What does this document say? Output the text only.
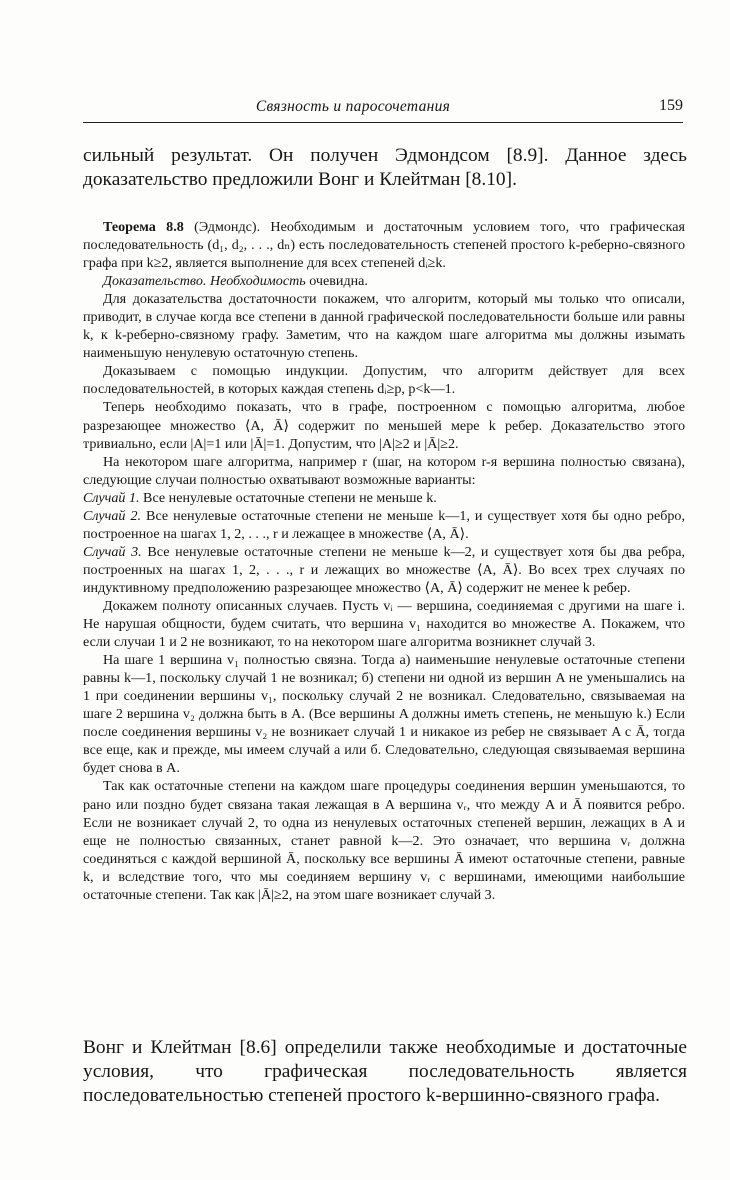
Связность и паросочетания	159

сильный результат. Он получен Эдмондсом [8.9]. Данное здесь доказательство предложили Вонг и Клейтман [8.10].

Теорема 8.8 (Эдмондс). Необходимым и достаточным условием того, что графическая последовательность (d₁, d₂, . . ., dₙ) есть последовательность степеней простого k-реберно-связного графа при k≥2, является выполнение для всех степеней dᵢ≥k.

Доказательство. Необходимость очевидна.

Для доказательства достаточности покажем, что алгоритм, который мы только что описали, приводит, в случае когда все степени в данной графической последовательности больше или равны k, к k-реберно-связному графу. Заметим, что на каждом шаге алгоритма мы должны изымать наименьшую ненулевую остаточную степень.

Доказываем с помощью индукции. Допустим, что алгоритм действует для всех последовательностей, в которых каждая степень dᵢ≥p, p<k—1.

Теперь необходимо показать, что в графе, построенном с помощью алгоритма, любое разрезающее множество ⟨A, Ā⟩ содержит по меньшей мере k ребер. Доказательство этого тривиально, если |A|=1 или |Ā|=1. Допустим, что |A|≥2 и |Ā|≥2.

На некотором шаге алгоритма, например r (шаг, на котором r-я вершина полностью связана), следующие случаи полностью охватывают возможные варианты:

Случай 1. Все ненулевые остаточные степени не меньше k.

Случай 2. Все ненулевые остаточные степени не меньше k—1, и существует хотя бы одно ребро, построенное на шагах 1, 2, . . ., r и лежащее в множестве ⟨A, Ā⟩.

Случай 3. Все ненулевые остаточные степени не меньше k—2, и существует хотя бы два ребра, построенных на шагах 1, 2, . . ., r и лежащих во множестве ⟨A, Ā⟩. Во всех трех случаях по индуктивному предположению разрезающее множество ⟨A, Ā⟩ содержит не менее k ребер.

Докажем полноту описанных случаев. Пусть vᵢ — вершина, соединяемая с другими на шаге i. Не нарушая общности, будем считать, что вершина v₁ находится во множестве A. Покажем, что если случаи 1 и 2 не возникают, то на некотором шаге алгоритма возникнет случай 3.

На шаге 1 вершина v₁ полностью связна. Тогда a) наименьшие ненулевые остаточные степени равны k—1, поскольку случай 1 не возникал; б) степени ни одной из вершин A не уменьшались на 1 при соединении вершины v₁, поскольку случай 2 не возникал. Следовательно, связываемая на шаге 2 вершина v₂ должна быть в A. (Все вершины A должны иметь степень, не меньшую k.) Если после соединения вершины v₂ не возникает случай 1 и никакое из ребер не связывает A с Ā, тогда все еще, как и прежде, мы имеем случай a или б. Следовательно, следующая связываемая вершина будет снова в A.

Так как остаточные степени на каждом шаге процедуры соединения вершин уменьшаются, то рано или поздно будет связана такая лежащая в A вершина vᵣ, что между A и Ā появится ребро. Если не возникает случай 2, то одна из ненулевых остаточных степеней вершин, лежащих в A и еще не полностью связанных, станет равной k—2. Это означает, что вершина vᵣ должна соединяться с каждой вершиной Ā, поскольку все вершины Ā имеют остаточные степени, равные k, и вследствие того, что мы соединяем вершину vᵣ с вершинами, имеющими наибольшие остаточные степени. Так как |Ā|≥2, на этом шаге возникает случай 3.

Вонг и Клейтман [8.6] определили также необходимые и достаточные условия, что графическая последовательность является последовательностью степеней простого k-вершинно-связного графа.
